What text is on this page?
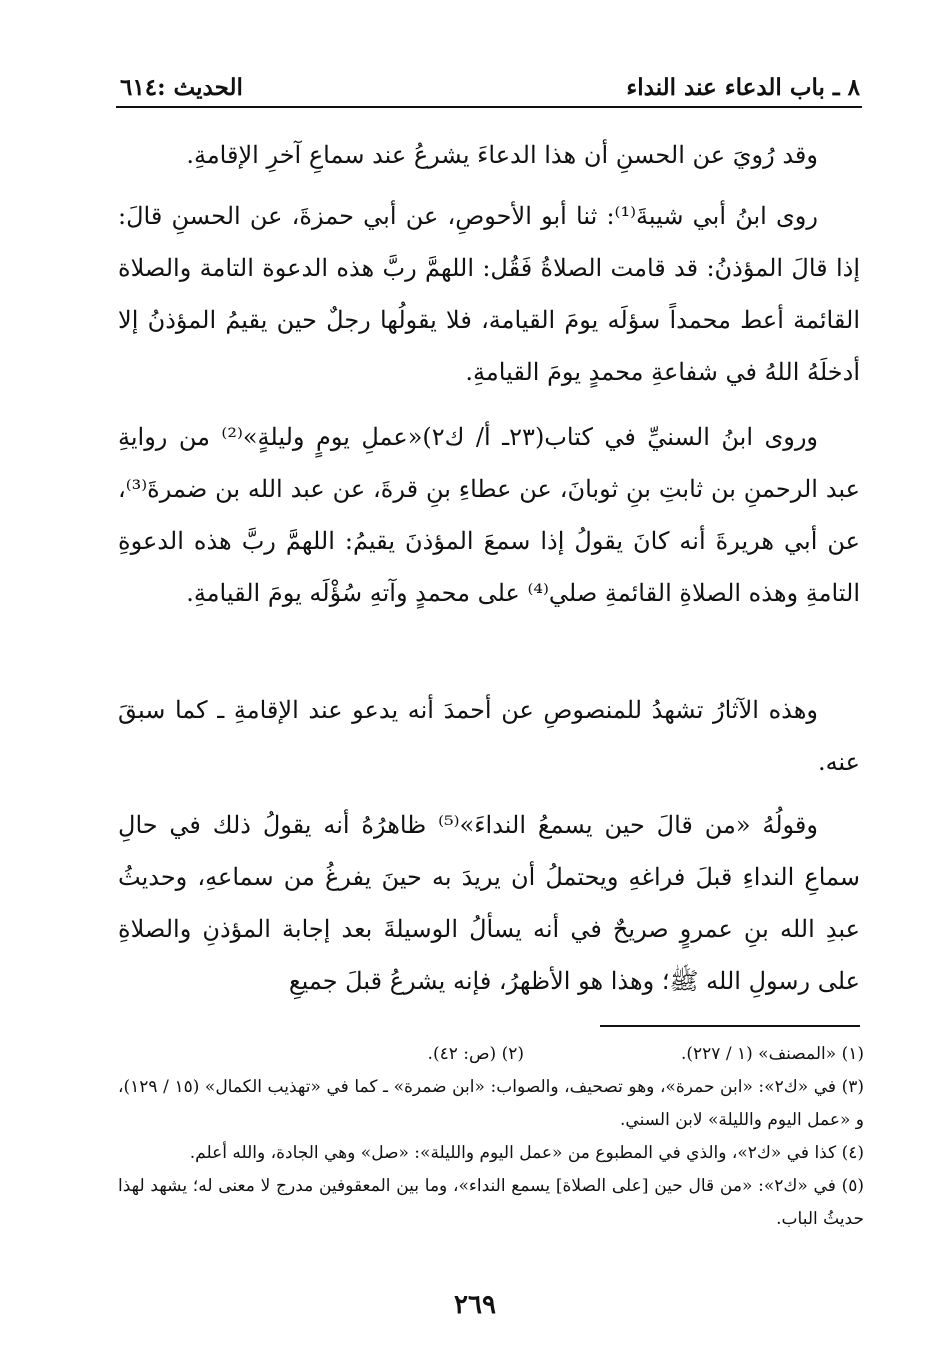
٨ ـ باب الدعاء عند النداء
الحديث :٦١٤

وقد رُويَ عن الحسنِ أن هذا الدعاءَ يشرعُ عند سماعِ آخرِ الإقامةِ.

روى ابنُ أبي شيبةَ⁽¹⁾: ثنا أبو الأحوصِ، عن أبي حمزةَ، عن الحسنِ قالَ: إذا قالَ المؤذنُ: قد قامت الصلاةُ فَقُل: اللهمَّ ربَّ هذه الدعوة التامة والصلاة القائمة أعط محمداً سؤلَه يومَ القيامة، فلا يقولُها رجلٌ حين يقيمُ المؤذنُ إلا أدخلَهُ اللهُ في شفاعةِ محمدٍ يومَ القيامةِ.

وروى ابنُ السنيِّ في كتاب(٢٣ـ أ/ ك٢)«عملِ يومٍ وليلةٍ»⁽²⁾ من روايةِ عبد الرحمنِ بن ثابتِ بنِ ثوبانَ، عن عطاءِ بنِ قرةَ، عن عبد الله بن ضمرةَ⁽³⁾، عن أبي هريرةَ أنه كانَ يقولُ إذا سمعَ المؤذنَ يقيمُ: اللهمَّ ربَّ هذه الدعوةِ التامةِ وهذه الصلاةِ القائمةِ صلي⁽⁴⁾ على محمدٍ وآتهِ سُؤْلَه يومَ القيامةِ.

وهذه الآثارُ تشهدُ للمنصوصِ عن أحمدَ أنه يدعو عند الإقامةِ ـ كما سبقَ عنه.

وقولُهُ «من قالَ حين يسمعُ النداءَ»⁽⁵⁾ ظاهرُهُ أنه يقولُ ذلك في حالِ سماعِ النداءِ قبلَ فراغهِ ويحتملُ أن يريدَ به حينَ يفرغُ من سماعهِ، وحديثُ عبدِ الله بنِ عمروٍ صريحٌ في أنه يسألُ الوسيلةَ بعد إجابة المؤذنِ والصلاةِ على رسولِ الله ﷺ؛ وهذا هو الأظهرُ، فإنه يشرعُ قبلَ جميعِ

(١) «المصنف» (١ / ٢٢٧).
(٢) (ص: ٤٢).
(٣) في «ك٢»: «ابن حمرة»، وهو تصحيف، والصواب: «ابن ضمرة» ـ كما في «تهذيب الكمال» (١٥ / ١٢٩)، و «عمل اليوم والليلة» لابن السني.
(٤) كذا في «ك٢»، والذي في المطبوع من «عمل اليوم والليلة»: «صل» وهي الجادة، والله أعلم.
(٥) في «ك٢»: «من قال حين [على الصلاة] يسمع النداء»، وما بين المعقوفين مدرج لا معنى له؛ يشهد لهذا حديثُ الباب.
٢٦٩
